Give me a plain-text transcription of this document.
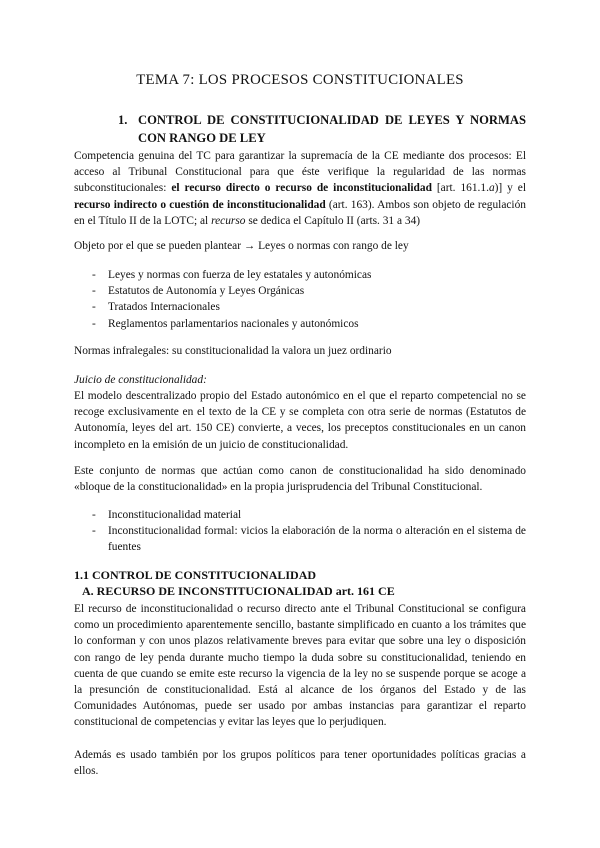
TEMA 7: LOS PROCESOS CONSTITUCIONALES
1. CONTROL DE CONSTITUCIONALIDAD DE LEYES Y NORMAS CON RANGO DE LEY

Competencia genuina del TC para garantizar la supremacía de la CE mediante dos procesos: El acceso al Tribunal Constitucional para que éste verifique la regularidad de las normas subconstitucionales: el recurso directo o recurso de inconstitucionalidad [art. 161.1.a)] y el recurso indirecto o cuestión de inconstitucionalidad (art. 163). Ambos son objeto de regulación en el Título II de la LOTC; al recurso se dedica el Capítulo II (arts. 31 a 34)

Objeto por el que se pueden plantear → Leyes o normas con rango de ley

- Leyes y normas con fuerza de ley estatales y autonómicas
- Estatutos de Autonomía y Leyes Orgánicas
- Tratados Internacionales
- Reglamentos parlamentarios nacionales y autonómicos

Normas infralegales: su constitucionalidad la valora un juez ordinario

Juicio de constitucionalidad:

El modelo descentralizado propio del Estado autonómico en el que el reparto competencial no se recoge exclusivamente en el texto de la CE y se completa con otra serie de normas (Estatutos de Autonomía, leyes del art. 150 CE) convierte, a veces, los preceptos constitucionales en un canon incompleto en la emisión de un juicio de constitucionalidad.

Este conjunto de normas que actúan como canon de constitucionalidad ha sido denominado «bloque de la constitucionalidad» en la propia jurisprudencia del Tribunal Constitucional.

- Inconstitucionalidad material
- Inconstitucionalidad formal: vicios la elaboración de la norma o alteración en el sistema de fuentes
1.1 CONTROL DE CONSTITUCIONALIDAD
A. RECURSO DE INCONSTITUCIONALIDAD art. 161 CE

El recurso de inconstitucionalidad o recurso directo ante el Tribunal Constitucional se configura como un procedimiento aparentemente sencillo, bastante simplificado en cuanto a los trámites que lo conforman y con unos plazos relativamente breves para evitar que sobre una ley o disposición con rango de ley penda durante mucho tiempo la duda sobre su constitucionalidad, teniendo en cuenta de que cuando se emite este recurso la vigencia de la ley no se suspende porque se acoge a la presunción de constitucionalidad. Está al alcance de los órganos del Estado y de las Comunidades Autónomas, puede ser usado por ambas instancias para garantizar el reparto constitucional de competencias y evitar las leyes que lo perjudiquen.

Además es usado también por los grupos políticos para tener oportunidades políticas gracias a ellos.
